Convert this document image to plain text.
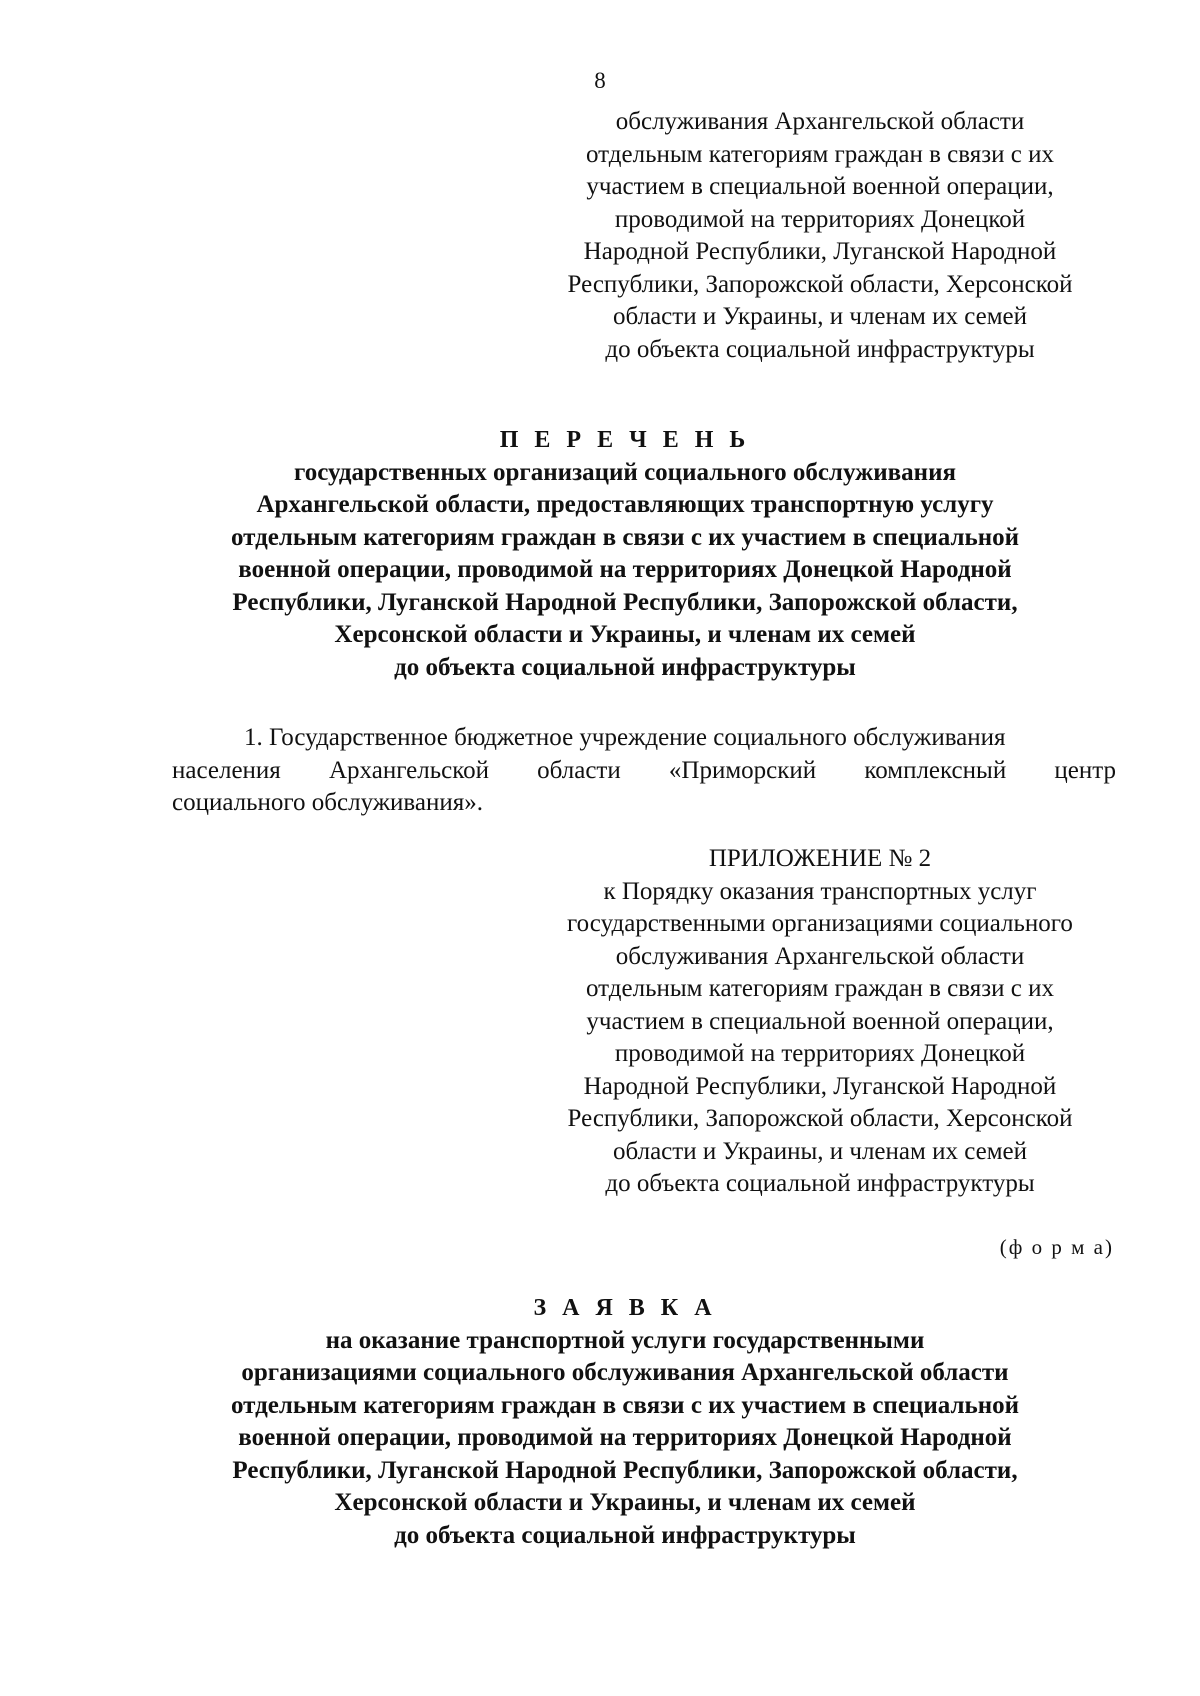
8
обслуживания Архангельской области
отдельным категориям граждан в связи с их
участием в специальной военной операции,
проводимой на территориях Донецкой
Народной Республики, Луганской Народной
Республики, Запорожской области, Херсонской
области и Украины, и членам их семей
до объекта социальной инфраструктуры
П Е Р Е Ч Е Н Ь
государственных организаций социального обслуживания
Архангельской области, предоставляющих транспортную услугу
отдельным категориям граждан в связи с их участием в специальной
военной операции, проводимой на территориях Донецкой Народной
Республики, Луганской Народной Республики, Запорожской области,
Херсонской области и Украины, и членам их семей
до объекта социальной инфраструктуры
1. Государственное бюджетное учреждение социального обслуживания
населения Архангельской области «Приморский комплексный центр
социального обслуживания».
ПРИЛОЖЕНИЕ № 2
к Порядку оказания транспортных услуг
государственными организациями социального
обслуживания Архангельской области
отдельным категориям граждан в связи с их
участием в специальной военной операции,
проводимой на территориях Донецкой
Народной Республики, Луганской Народной
Республики, Запорожской области, Херсонской
области и Украины, и членам их семей
до объекта социальной инфраструктуры
(ф о р м а)
З А Я В К А
на оказание транспортной услуги государственными
организациями социального обслуживания Архангельской области
отдельным категориям граждан в связи с их участием в специальной
военной операции, проводимой на территориях Донецкой Народной
Республики, Луганской Народной Республики, Запорожской области,
Херсонской области и Украины, и членам их семей
до объекта социальной инфраструктуры
